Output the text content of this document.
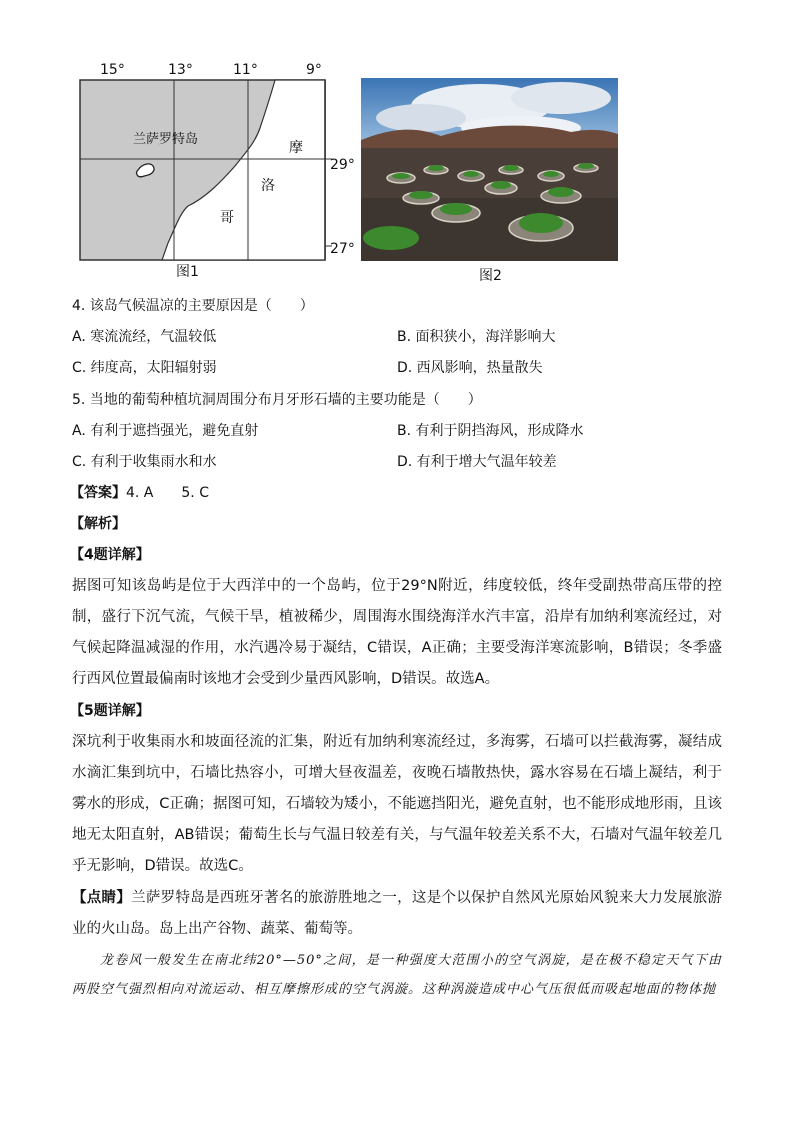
15°	13°	11°	9°
29°
27°
兰萨罗特岛
摩
洛
哥
图1	图2
4. 该岛气候温凉的主要原因是（　　）
A. 寒流流经，气温较低	B. 面积狭小，海洋影响大
C. 纬度高，太阳辐射弱	D. 西风影响，热量散失
5. 当地的葡萄种植坑洞周围分布月牙形石墙的主要功能是（　　）
A. 有利于遮挡强光，避免直射	B. 有利于阴挡海风，形成降水
C. 有利于收集雨水和水	D. 有利于增大气温年较差
【答案】4. A　　5. C
【解析】
【4题详解】
据图可知该岛屿是位于大西洋中的一个岛屿，位于29°N附近，纬度较低，终年受副热带高压带的控制，盛行下沉气流，气候干旱，植被稀少，周围海水围绕海洋水汽丰富，沿岸有加纳利寒流经过，对气候起降温减湿的作用，水汽遇冷易于凝结，C错误，A正确；主要受海洋寒流影响，B错误；冬季盛行西风位置最偏南时该地才会受到少量西风影响，D错误。故选A。
【5题详解】
深坑利于收集雨水和坡面径流的汇集，附近有加纳利寒流经过，多海雾，石墙可以拦截海雾，凝结成水滴汇集到坑中，石墙比热容小，可增大昼夜温差，夜晚石墙散热快，露水容易在石墙上凝结，利于雾水的形成，C正确；据图可知，石墙较为矮小，不能遮挡阳光，避免直射，也不能形成地形雨，且该地无太阳直射，AB错误；葡萄生长与气温日较差有关，与气温年较差关系不大，石墙对气温年较差几乎无影响，D错误。故选C。
【点睛】兰萨罗特岛是西班牙著名的旅游胜地之一，这是个以保护自然风光原始风貌来大力发展旅游业的火山岛。岛上出产谷物、蔬菜、葡萄等。
龙卷风一般发生在南北纬20°—50°之间，是一种强度大范围小的空气涡旋，是在极不稳定天气下由两股空气强烈相向对流运动、相互摩擦形成的空气涡漩。这种涡漩造成中心气压很低而吸起地面的物体抛
